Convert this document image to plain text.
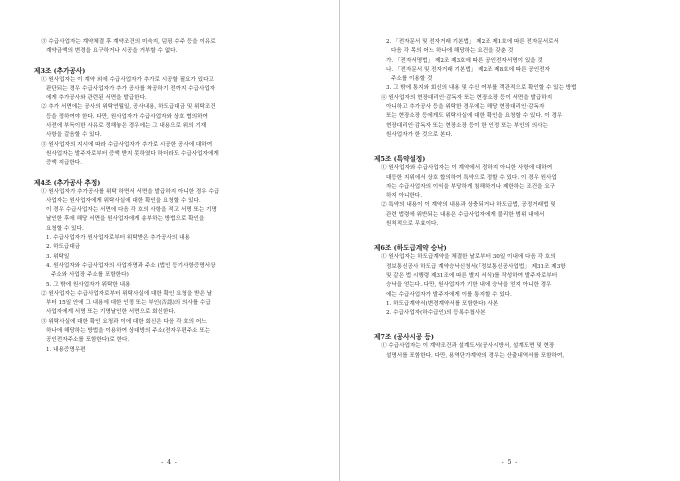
③ 수급사업자는 계약체결 후 계약조건의 미숙지, 덤핑 수주 등을 이유로

계약금액의 변경을 요구하거나 시공을 거부할 수 없다.

제3조 (추가공사)

① 원사업자는 이 계약 외에 수급사업자가 추가로 시공할 필요가 있다고

판단되는 경우 수급사업자가 추가 공사를 착공하기 전까지 수급사업자

에게 추가공사와 관련된 서면을 발급한다.

② 추가 서면에는 공사의 위탁연월일, 공사내용, 하도급대금 및 위탁조건

등을 정하여야 한다. 다만, 원사업자가 수급사업자와 상호 협의하여

사전에 부득이한 사유로 정해놓은 경우에는 그 내용으로 위의 기재

사항을 갈음할 수 있다.

③ 원사업자의 지시에 따라 수급사업자가 추가로 시공한 공사에 대하여

원사업자는 발주자로부터 증액 받지 못하였다 하더라도 수급사업자에게

증액 지급한다.

제4조 (추가공사 추정)

① 원사업자가 추가공사를 위탁 하면서 서면을 발급하지 아니한 경우 수급

사업자는 원사업자에게 위탁사실에 대한 확인을 요청할 수 있다.

이 경우 수급사업자는 서면에 다음 각 호의 사항을 적고 서명 또는 기명

날인한 후에 해당 서면을 원사업자에게 송부하는 방법으로 확인을

요청할 수 있다.

1. 수급사업자가 원사업자로부터 위탁받은 추가공사의 내용

2. 하도급대금

3. 위탁일

4. 원사업자와 수급사업자의 사업자명과 주소 (법인 등기사항증명서상

주소와 사업장 주소를 포함한다)

5. 그 밖에 원사업자가 위탁한 내용

② 원사업자는 수급사업자로부터 위탁사실에 대한 확인 요청을 받은 날

부터 15일 안에 그 내용에 대한 인정 또는 부인(否認)의 의사를 수급

사업자에게 서명 또는 기명날인한 서면으로 회신한다.

③ 위탁사실에 대한 확인 요청과 이에 대한 회신은 다음 각 호의 어느

하나에 해당하는 방법을 이용하여 상대방의 주소(전자우편주소 또는

공인전자주소를 포함한다)로 한다.

1. 내용증명우편

- 4 -

2. 「전자문서 및 전자거래 기본법」 제2조 제1호에 따른 전자문서로서

다음 각 목의 어느 하나에 해당하는 요건을 갖춘 것

가. 「전자서명법」 제2조 제3호에 따른 공인전자서명이 있을 것

나. 「전자문서 및 전자거래 기본법」 제2조 제8호에 따른 공인전자

주소를 이용할 것

3. 그 밖에 통지와 회신의 내용 및 수신 여부를 객관적으로 확인할 수 있는 방법

④ 원사업자의 현장대리인·감독자 또는 현장소장 등이 서면을 발급하지

아니하고 추가공사 등을 위탁한 경우에는 해당 현장대리인·감독자

또는 현장소장 등에게도 위탁사실에 대한 확인을 요청할 수 있다. 이 경우

현장대리인·감독자 또는 현장소장 등이 한 인정 또는 부인의 의사는

원사업자가 한 것으로 본다.

제5조 (특약설정)

① 원사업자와 수급사업자는 이 계약에서 정하지 아니한 사항에 대하여

대등한 지위에서 상호 합의하여 특약으로 정할 수 있다. 이 경우 원사업

자는 수급사업자의 이익을 부당하게 침해하거나 제한하는 조건을 요구

하지 아니한다.

② 특약의 내용이 이 계약의 내용과 상충되거나 하도급법, 공정거래법 및

관련 법령에 위반되는 내용은 수급사업자에게 불리한 범위 내에서

원칙적으로 무효이다.

제6조 (하도급계약 승낙)

① 원사업자는 하도급계약을 체결한 날로부터 30일 이내에 다음 각 호의

정보통신공사 하도급 계약승낙신청서(「정보통신공사업법」 제31조 제3항

및 같은 법 시행령 제31조에 따른 별지 서식)를 작성하여 발주자로부터

승낙을 얻는다. 다만, 원사업자가 기한 내에 승낙을 얻지 아니한 경우

에는 수급사업자가 발주자에게 이를 통지할 수 있다.

1. 하도급계약서(변경계약서를 포함한다) 사본

2. 수급사업자(하수급인)의 등록수첩사본

제7조 (공사시공 등)

① 수급사업자는 이 계약조건과 설계도서(공사시방서, 설계도면 및 현장

설명서를 포함한다. 다만, 용역단가계약의 경우는 산출내역서를 포함하여,

- 5 -
